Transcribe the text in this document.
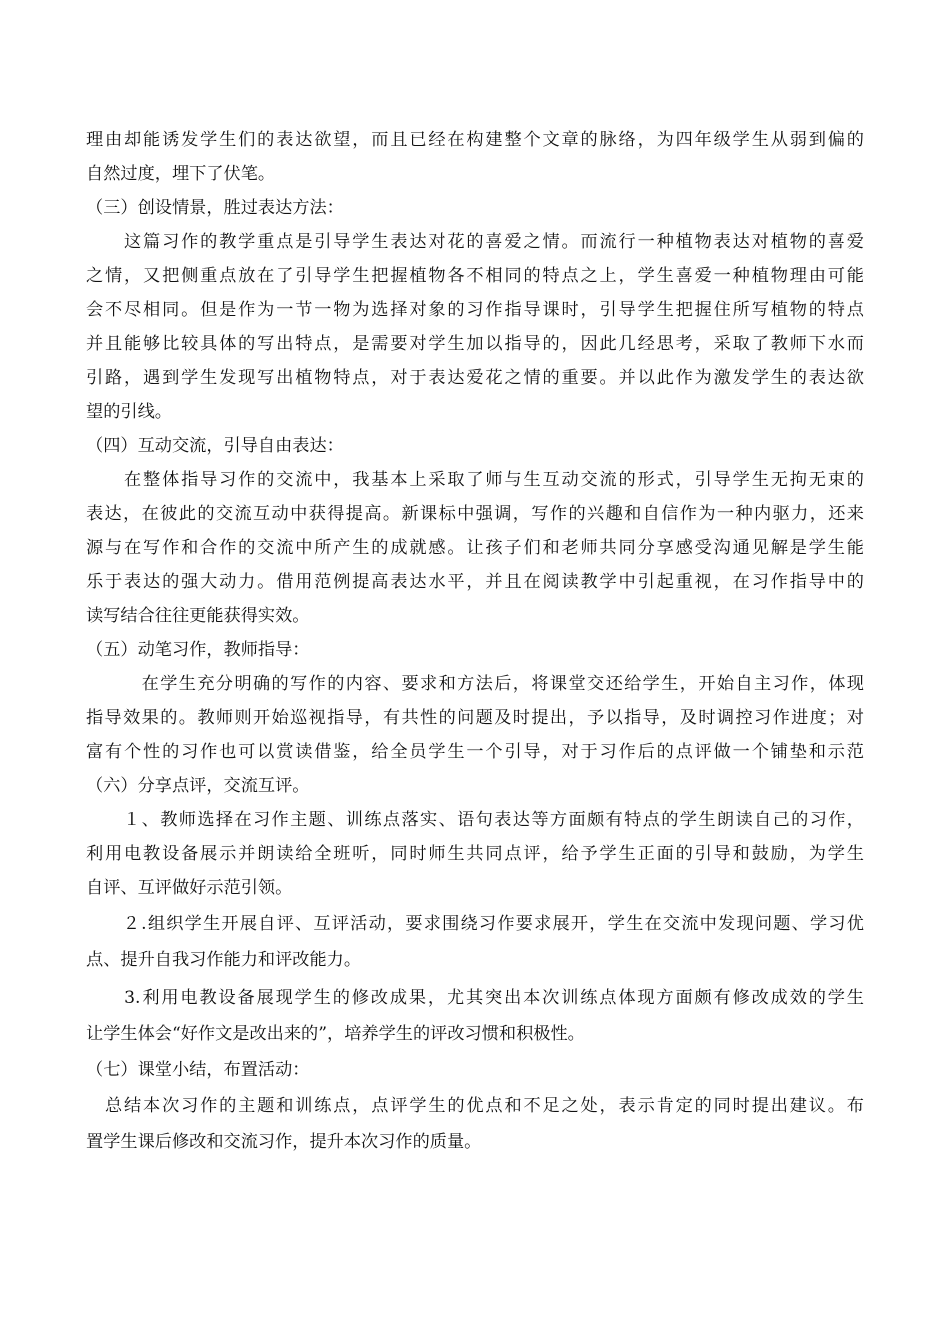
理由却能诱发学生们的表达欲望，而且已经在构建整个文章的脉络，为四年级学生从弱到偏的
自然过度，埋下了伏笔。
（三）创设情景，胜过表达方法：
　　这篇习作的教学重点是引导学生表达对花的喜爱之情。而流行一种植物表达对植物的喜爱
之情，又把侧重点放在了引导学生把握植物各不相同的特点之上，学生喜爱一种植物理由可能
会不尽相同。但是作为一节一物为选择对象的习作指导课时，引导学生把握住所写植物的特点
并且能够比较具体的写出特点，是需要对学生加以指导的，因此几经思考，采取了教师下水而
引路，遇到学生发现写出植物特点，对于表达爱花之情的重要。并以此作为激发学生的表达欲
望的引线。
（四）互动交流，引导自由表达：
　　在整体指导习作的交流中，我基本上采取了师与生互动交流的形式，引导学生无拘无束的
表达，在彼此的交流互动中获得提高。新课标中强调，写作的兴趣和自信作为一种内驱力，还来
源与在写作和合作的交流中所产生的成就感。让孩子们和老师共同分享感受沟通见解是学生能
乐于表达的强大动力。借用范例提高表达水平，并且在阅读教学中引起重视，在习作指导中的
读写结合往往更能获得实效。
（五）动笔习作，教师指导：
　　　在学生充分明确的写作的内容、要求和方法后，将课堂交还给学生，开始自主习作，体现
指导效果的。教师则开始巡视指导，有共性的问题及时提出，予以指导，及时调控习作进度；对
富有个性的习作也可以赏读借鉴，给全员学生一个引导，对于习作后的点评做一个铺垫和示范
（六）分享点评，交流互评。
　　１、教师选择在习作主题、训练点落实、语句表达等方面颇有特点的学生朗读自己的习作，
利用电教设备展示并朗读给全班听，同时师生共同点评，给予学生正面的引导和鼓励，为学生
自评、互评做好示范引领。
　　２.组织学生开展自评、互评活动，要求围绕习作要求展开，学生在交流中发现问题、学习优
点、提升自我习作能力和评改能力。
　　3.利用电教设备展现学生的修改成果，尤其突出本次训练点体现方面颇有修改成效的学生
让学生体会“好作文是改出来的”，培养学生的评改习惯和积极性。
（七）课堂小结，布置活动：
　总结本次习作的主题和训练点，点评学生的优点和不足之处，表示肯定的同时提出建议。布
置学生课后修改和交流习作，提升本次习作的质量。
